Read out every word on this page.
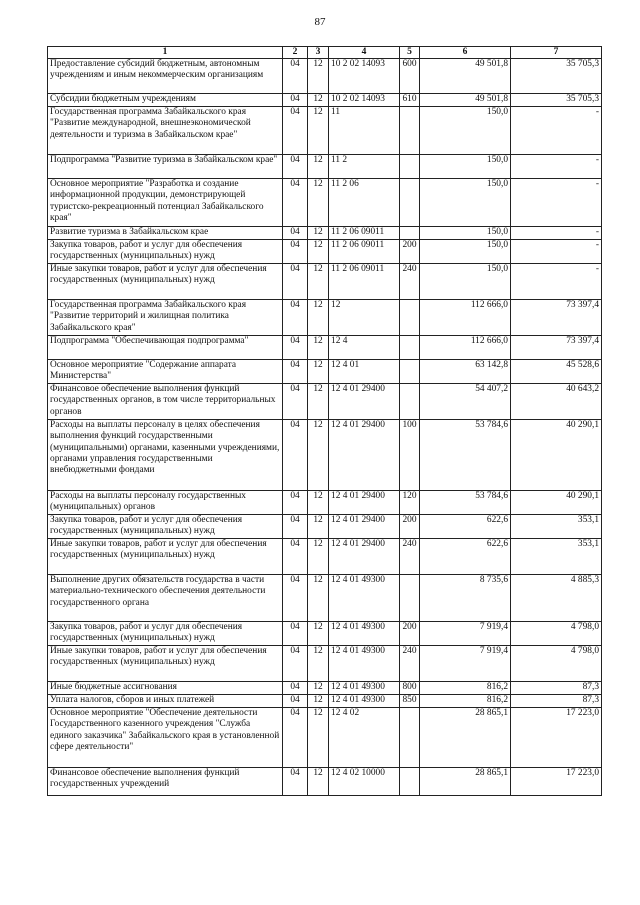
87
1	2	3	4	5	6	7
Предоставление субсидий бюджетным, автономным учреждениям и иным некоммерческим организациям	04	12	10 2 02 14093	600	49 501,8	35 705,3
Субсидии бюджетным учреждениям	04	12	10 2 02 14093	610	49 501,8	35 705,3
Государственная программа Забайкальского края "Развитие международной, внешнеэкономической деятельности и туризма в Забайкальском крае"	04	12	11		150,0	-
Подпрограмма "Развитие туризма в Забайкальском крае"	04	12	11 2		150,0	-
Основное мероприятие "Разработка и создание информационной продукции, демонстрирующей туристско-рекреационный потенциал Забайкальского края"	04	12	11 2 06		150,0	-
Развитие туризма в Забайкальском крае	04	12	11 2 06 09011		150,0	-
Закупка товаров, работ и услуг для обеспечения государственных (муниципальных) нужд	04	12	11 2 06 09011	200	150,0	-
Иные закупки товаров, работ и услуг для обеспечения государственных (муниципальных) нужд	04	12	11 2 06 09011	240	150,0	-
Государственная программа Забайкальского края "Развитие территорий и жилищная политика Забайкальского края"	04	12	12		112 666,0	73 397,4
Подпрограмма "Обеспечивающая подпрограмма"	04	12	12 4		112 666,0	73 397,4
Основное мероприятие "Содержание аппарата Министерства"	04	12	12 4 01		63 142,8	45 528,6
Финансовое обеспечение выполнения функций государственных органов, в том числе территориальных органов	04	12	12 4 01 29400		54 407,2	40 643,2
Расходы на выплаты персоналу в целях обеспечения выполнения функций государственными (муниципальными) органами, казенными учреждениями, органами управления государственными внебюджетными фондами	04	12	12 4 01 29400	100	53 784,6	40 290,1
Расходы на выплаты персоналу государственных (муниципальных) органов	04	12	12 4 01 29400	120	53 784,6	40 290,1
Закупка товаров, работ и услуг для обеспечения государственных (муниципальных) нужд	04	12	12 4 01 29400	200	622,6	353,1
Иные закупки товаров, работ и услуг для обеспечения государственных (муниципальных) нужд	04	12	12 4 01 29400	240	622,6	353,1
Выполнение других обязательств государства в части материально-технического обеспечения деятельности государственного органа	04	12	12 4 01 49300		8 735,6	4 885,3
Закупка товаров, работ и услуг для обеспечения государственных (муниципальных) нужд	04	12	12 4 01 49300	200	7 919,4	4 798,0
Иные закупки товаров, работ и услуг для обеспечения государственных (муниципальных) нужд	04	12	12 4 01 49300	240	7 919,4	4 798,0
Иные бюджетные ассигнования	04	12	12 4 01 49300	800	816,2	87,3
Уплата налогов, сборов и иных платежей	04	12	12 4 01 49300	850	816,2	87,3
Основное мероприятие "Обеспечение деятельности Государственного казенного учреждения "Служба единого заказчика" Забайкальского края в установленной сфере деятельности"	04	12	12 4 02		28 865,1	17 223,0
Финансовое обеспечение выполнения функций государственных учреждений	04	12	12 4 02 10000		28 865,1	17 223,0
